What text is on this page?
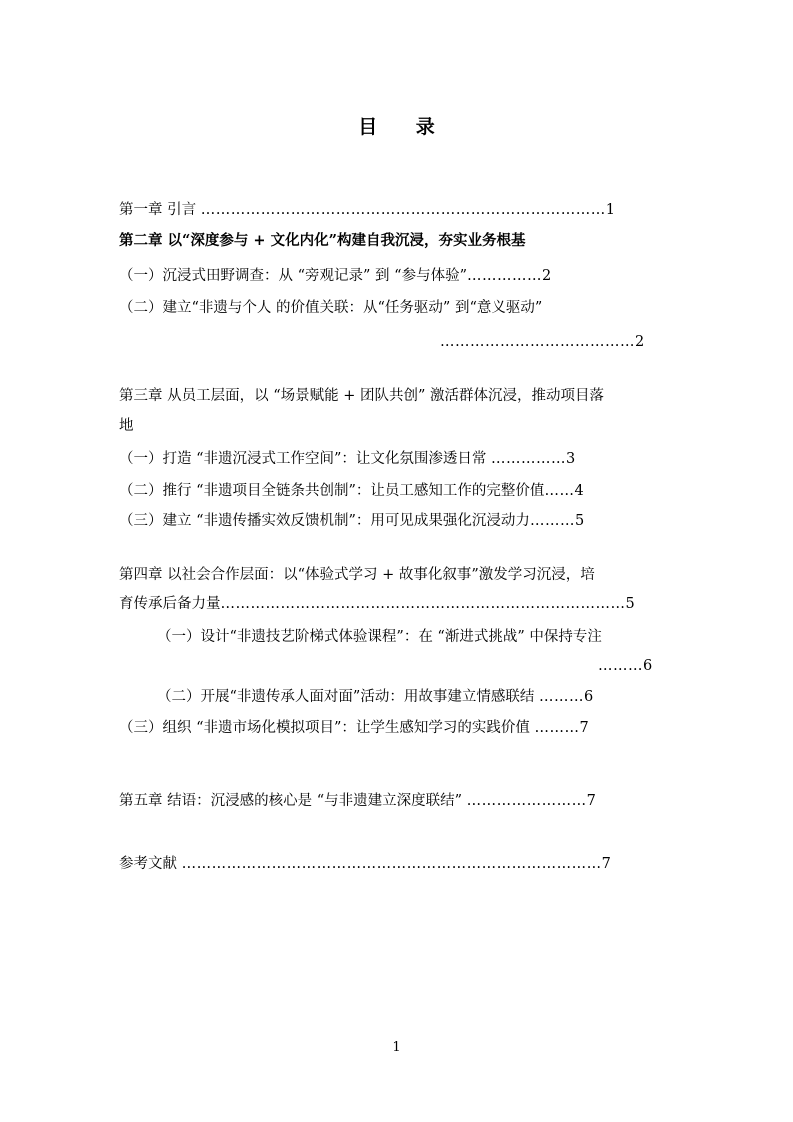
目 录
第一章 引言 ………………………………………………………………………1
第二章 以“深度参与 + 文化内化”构建自我沉浸，夯实业务根基
（一）沉浸式田野调查：从 “旁观记录” 到 “参与体验”……………2
（二）建立“非遗与个人 的价值关联：从“任务驱动” 到“意义驱动”
…………………………………2
第三章 从员工层面，以 “场景赋能 + 团队共创” 激活群体沉浸，推动项目落
地
（一）打造 “非遗沉浸式工作空间”：让文化氛围渗透日常 ……………3
（二）推行 “非遗项目全链条共创制”：让员工感知工作的完整价值……4
（三）建立 “非遗传播实效反馈机制”：用可见成果强化沉浸动力………5
第四章 以社会合作层面：以“体验式学习 + 故事化叙事”激发学习沉浸，培
育传承后备力量………………………………………………………………………5
（一）设计“非遗技艺阶梯式体验课程”：在 “渐进式挑战” 中保持专注
………6
（二）开展“非遗传承人面对面”活动：用故事建立情感联结 ………6
（三）组织 “非遗市场化模拟项目”：让学生感知学习的实践价值 ………7
第五章 结语：沉浸感的核心是 “与非遗建立深度联结” ……………………7
参考文献 …………………………………………………………………………7
1
